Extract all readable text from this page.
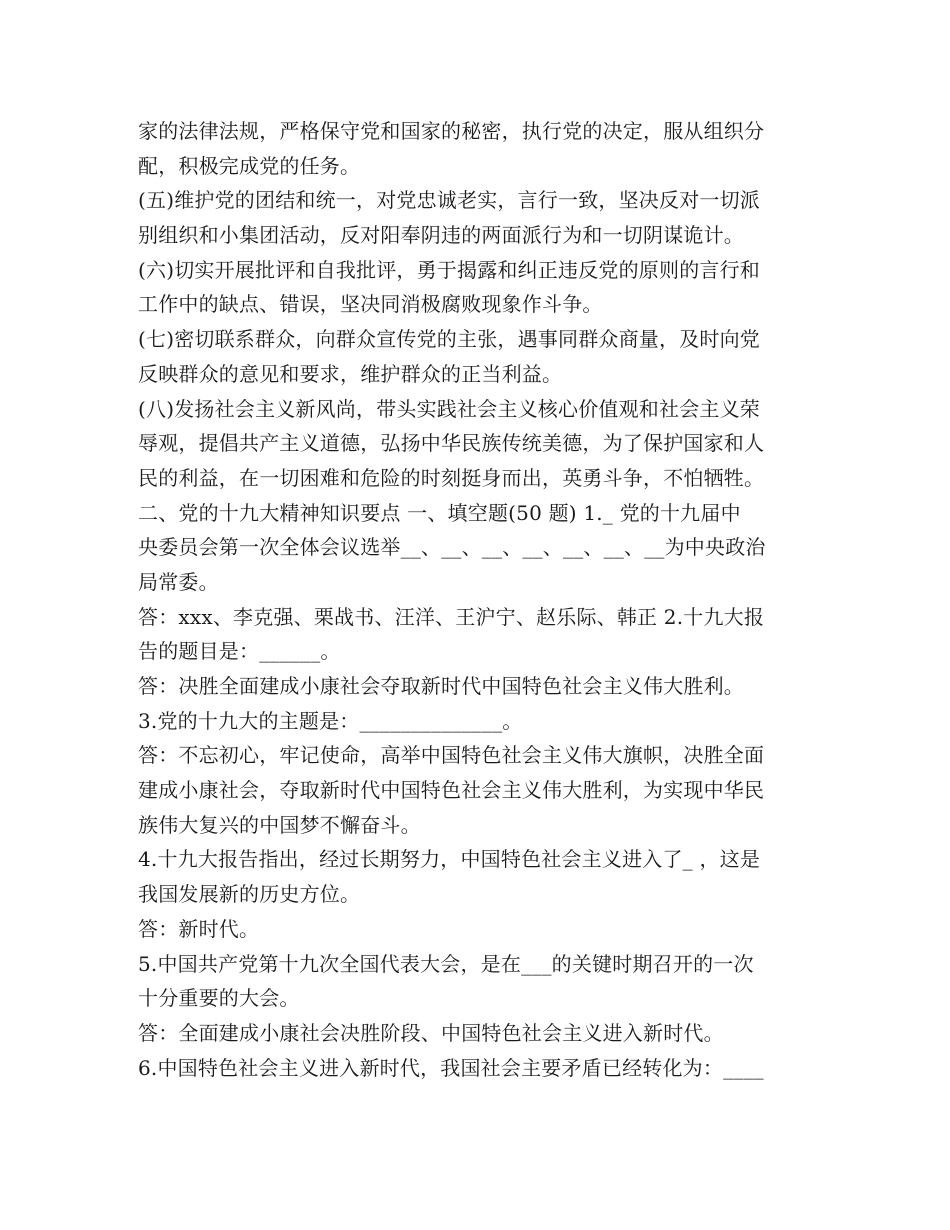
家的法律法规，严格保守党和国家的秘密，执行党的决定，服从组织分
配，积极完成党的任务。
(五)维护党的团结和统一，对党忠诚老实，言行一致，坚决反对一切派
别组织和小集团活动，反对阳奉阴违的两面派行为和一切阴谋诡计。
(六)切实开展批评和自我批评，勇于揭露和纠正违反党的原则的言行和
工作中的缺点、错误，坚决同消极腐败现象作斗争。
(七)密切联系群众，向群众宣传党的主张，遇事同群众商量，及时向党
反映群众的意见和要求，维护群众的正当利益。
(八)发扬社会主义新风尚，带头实践社会主义核心价值观和社会主义荣
辱观，提倡共产主义道德，弘扬中华民族传统美德，为了保护国家和人
民的利益，在一切困难和危险的时刻挺身而出，英勇斗争，不怕牺牲。
二、党的十九大精神知识要点 一、填空题(50 题) 1._ 党的十九届中
央委员会第一次全体会议选举__、__、__、__、__、__、__为中央政治
局常委。
答：xxx、李克强、栗战书、汪洋、王沪宁、赵乐际、韩正 2.十九大报
告的题目是：______。
答：决胜全面建成小康社会夺取新时代中国特色社会主义伟大胜利。
3.党的十九大的主题是：______________。
答：不忘初心，牢记使命，高举中国特色社会主义伟大旗帜，决胜全面
建成小康社会，夺取新时代中国特色社会主义伟大胜利，为实现中华民
族伟大复兴的中国梦不懈奋斗。
4.十九大报告指出，经过长期努力，中国特色社会主义进入了_ ，这是
我国发展新的历史方位。
答：新时代。
5.中国共产党第十九次全国代表大会，是在___的关键时期召开的一次
十分重要的大会。
答：全面建成小康社会决胜阶段、中国特色社会主义进入新时代。
6.中国特色社会主义进入新时代，我国社会主要矛盾已经转化为：____
